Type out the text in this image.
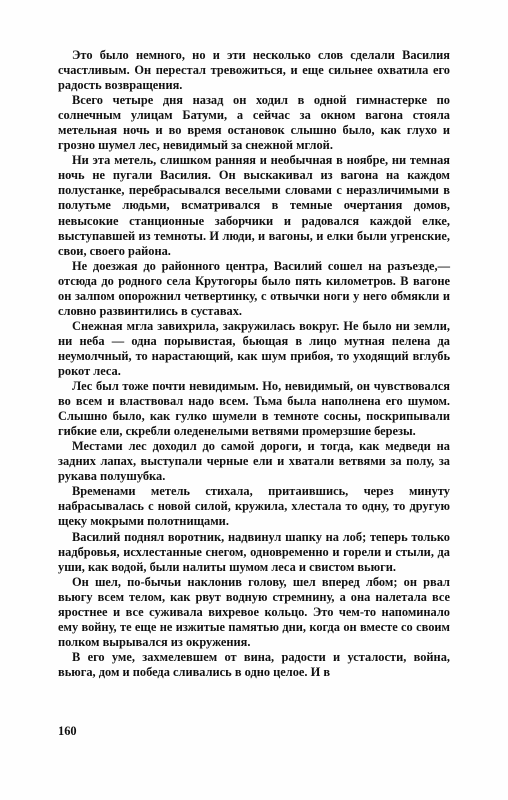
Это было немного, но и эти несколько слов сделали Василия счастливым. Он перестал тревожиться, и еще сильнее охватила его радость возвращения.

Всего четыре дня назад он ходил в одной гимнастерке по солнечным улицам Батуми, а сейчас за окном вагона стояла метельная ночь и во время остановок слышно было, как глухо и грозно шумел лес, невидимый за снежной мглой.

Ни эта метель, слишком ранняя и необычная в ноябре, ни темная ночь не пугали Василия. Он выскакивал из вагона на каждом полустанке, перебрасывался веселыми словами с неразличимыми в полутьме людьми, всматривался в темные очертания домов, невысокие станционные заборчики и радовался каждой елке, выступавшей из темноты. И люди, и вагоны, и елки были угренские, свои, своего района.

Не доезжая до районного центра, Василий сошел на разъезде,— отсюда до родного села Крутогоры было пять километров. В вагоне он залпом опорожнил четвертинку, с отвычки ноги у него обмякли и словно развинтились в суставах.

Снежная мгла завихрила, закружилась вокруг. Не было ни земли, ни неба — одна порывистая, бьющая в лицо мутная пелена да неумолчный, то нарастающий, как шум прибоя, то уходящий вглубь рокот леса.

Лес был тоже почти невидимым. Но, невидимый, он чувствовался во всем и властвовал надо всем. Тьма была наполнена его шумом. Слышно было, как гулко шумели в темноте сосны, поскрипывали гибкие ели, скребли оледенелыми ветвями промерзшие березы.

Местами лес доходил до самой дороги, и тогда, как медведи на задних лапах, выступали черные ели и хватали ветвями за полу, за рукава полушубка.

Временами метель стихала, притаившись, через минуту набрасывалась с новой силой, кружила, хлестала то одну, то другую щеку мокрыми полотнищами.

Василий поднял воротник, надвинул шапку на лоб; теперь только надбровья, исхлестанные снегом, одновременно и горели и стыли, да уши, как водой, были налиты шумом леса и свистом вьюги.

Он шел, по-бычьи наклонив голову, шел вперед лбом; он рвал вьюгу всем телом, как рвут водную стремнину, а она налетала все яростнее и все суживала вихревое кольцо. Это чем-то напоминало ему войну, те еще не изжитые памятью дни, когда он вместе со своим полком вырывался из окружения.

В его уме, захмелевшем от вина, радости и усталости, война, вьюга, дом и победа сливались в одно целое. И в

160
